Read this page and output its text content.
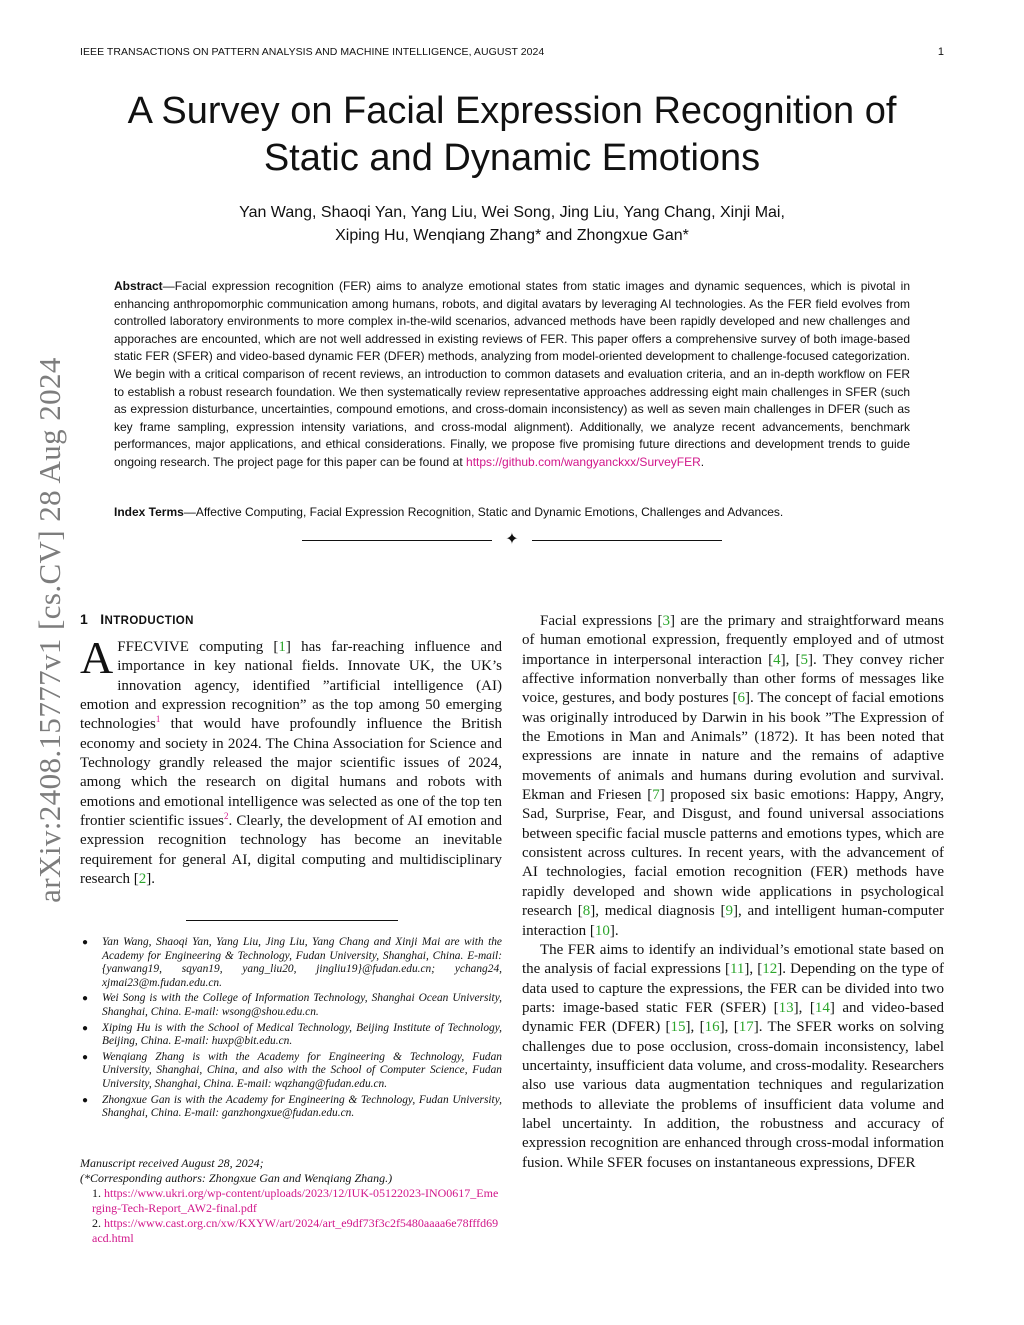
IEEE TRANSACTIONS ON PATTERN ANALYSIS AND MACHINE INTELLIGENCE, AUGUST 2024	1
A Survey on Facial Expression Recognition of
Static and Dynamic Emotions
Yan Wang, Shaoqi Yan, Yang Liu, Wei Song, Jing Liu, Yang Chang, Xinji Mai,
Xiping Hu, Wenqiang Zhang* and Zhongxue Gan*
Abstract—Facial expression recognition (FER) aims to analyze emotional states from static images and dynamic sequences, which is pivotal in enhancing anthropomorphic communication among humans, robots, and digital avatars by leveraging AI technologies. As the FER field evolves from controlled laboratory environments to more complex in-the-wild scenarios, advanced methods have been rapidly developed and new challenges and apporaches are encounted, which are not well addressed in existing reviews of FER. This paper offers a comprehensive survey of both image-based static FER (SFER) and video-based dynamic FER (DFER) methods, analyzing from model-oriented development to challenge-focused categorization. We begin with a critical comparison of recent reviews, an introduction to common datasets and evaluation criteria, and an in-depth workflow on FER to establish a robust research foundation. We then systematically review representative approaches addressing eight main challenges in SFER (such as expression disturbance, uncertainties, compound emotions, and cross-domain inconsistency) as well as seven main challenges in DFER (such as key frame sampling, expression intensity variations, and cross-modal alignment). Additionally, we analyze recent advancements, benchmark performances, major applications, and ethical considerations. Finally, we propose five promising future directions and development trends to guide ongoing research. The project page for this paper can be found at https://github.com/wangyanckxx/SurveyFER.
Index Terms—Affective Computing, Facial Expression Recognition, Static and Dynamic Emotions, Challenges and Advances.
✦
1 INTRODUCTION

AFFECVIVE computing [1] has far-reaching influence and importance in key national fields. Innovate UK, the UK’s innovation agency, identified ”artificial intelligence (AI) emotion and expression recognition” as the top among 50 emerging technologies$^1$ that would have profoundly influence the British economy and society in 2024. The China Association for Science and Technology grandly released the major scientific issues of 2024, among which the research on digital humans and robots with emotions and emotional intelligence was selected as one of the top ten frontier scientific issues$^2$. Clearly, the development of AI emotion and expression recognition technology has become an inevitable requirement for general AI, digital computing and multidisciplinary research [2].

● Yan Wang, Shaoqi Yan, Yang Liu, Jing Liu, Yang Chang and Xinji Mai are with the Academy for Engineering & Technology, Fudan University, Shanghai, China. E-mail: {yanwang19, sqyan19, yang_liu20, jingliu19}@fudan.edu.cn; ychang24, xjmai23@m.fudan.edu.cn.
● Wei Song is with the College of Information Technology, Shanghai Ocean University, Shanghai, China. E-mail: wsong@shou.edu.cn.
● Xiping Hu is with the School of Medical Technology, Beijing Institute of Technology, Beijing, China. E-mail: huxp@bit.edu.cn.
● Wenqiang Zhang is with the Academy for Engineering & Technology, Fudan University, Shanghai, China, and also with the School of Computer Science, Fudan University, Shanghai, China. E-mail: wqzhang@fudan.edu.cn.
● Zhongxue Gan is with the Academy for Engineering & Technology, Fudan University, Shanghai, China. E-mail: ganzhongxue@fudan.edu.cn.
Manuscript received August 28, 2024;
(*Corresponding authors: Zhongxue Gan and Wenqiang Zhang.)
1. https://www.ukri.org/wp-content/uploads/2023/12/IUK-05122023-INO0617_Emerging-Tech-Report_AW2-final.pdf
2. https://www.cast.org.cn/xw/KXYW/art/2024/art_e9df73f3c2f5480aaaa6e78fffd69acd.html

Facial expressions [3] are the primary and straightforward means of human emotional expression, frequently employed and of utmost importance in interpersonal interaction [4], [5]. They convey richer affective information nonverbally than other forms of messages like voice, gestures, and body postures [6]. The concept of facial emotions was originally introduced by Darwin in his book ”The Expression of the Emotions in Man and Animals” (1872). It has been noted that expressions are innate in nature and the remains of adaptive movements of animals and humans during evolution and survival. Ekman and Friesen [7] proposed six basic emotions: Happy, Angry, Sad, Surprise, Fear, and Disgust, and found universal associations between specific facial muscle patterns and emotions types, which are consistent across cultures. In recent years, with the advancement of AI technologies, facial emotion recognition (FER) methods have rapidly developed and shown wide applications in psychological research [8], medical diagnosis [9], and intelligent human-computer interaction [10].

The FER aims to identify an individual’s emotional state based on the analysis of facial expressions [11], [12]. Depending on the type of data used to capture the expressions, the FER can be divided into two parts: image-based static FER (SFER) [13], [14] and video-based dynamic FER (DFER) [15], [16], [17]. The SFER works on solving challenges due to pose occlusion, cross-domain inconsistency, label uncertainty, insufficient data volume, and cross-modality. Researchers also use various data augmentation techniques and regularization methods to alleviate the problems of insufficient data volume and label uncertainty. In addition, the robustness and accuracy of expression recognition are enhanced through cross-modal information fusion. While SFER focuses on instantaneous expressions, DFER

arXiv:2408.15777v1 [cs.CV] 28 Aug 2024
